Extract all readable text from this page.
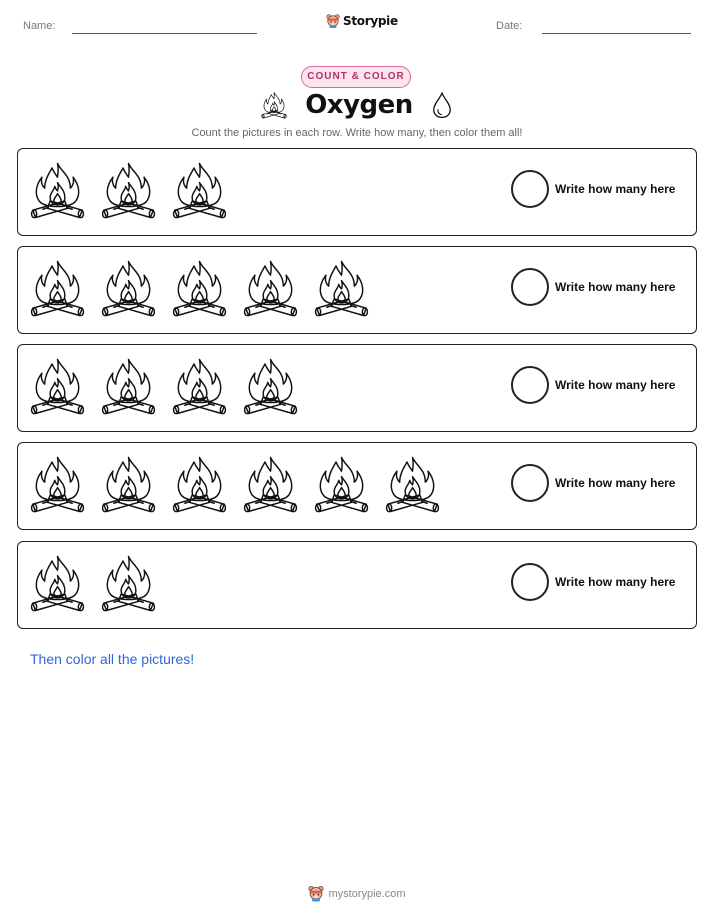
Name:	Storypie	Date:
COUNT & COLOR
Oxygen
Count the pictures in each row. Write how many, then color them all!
Write how many here
Write how many here
Write how many here
Write how many here
Write how many here
Then color all the pictures!
mystorypie.com
